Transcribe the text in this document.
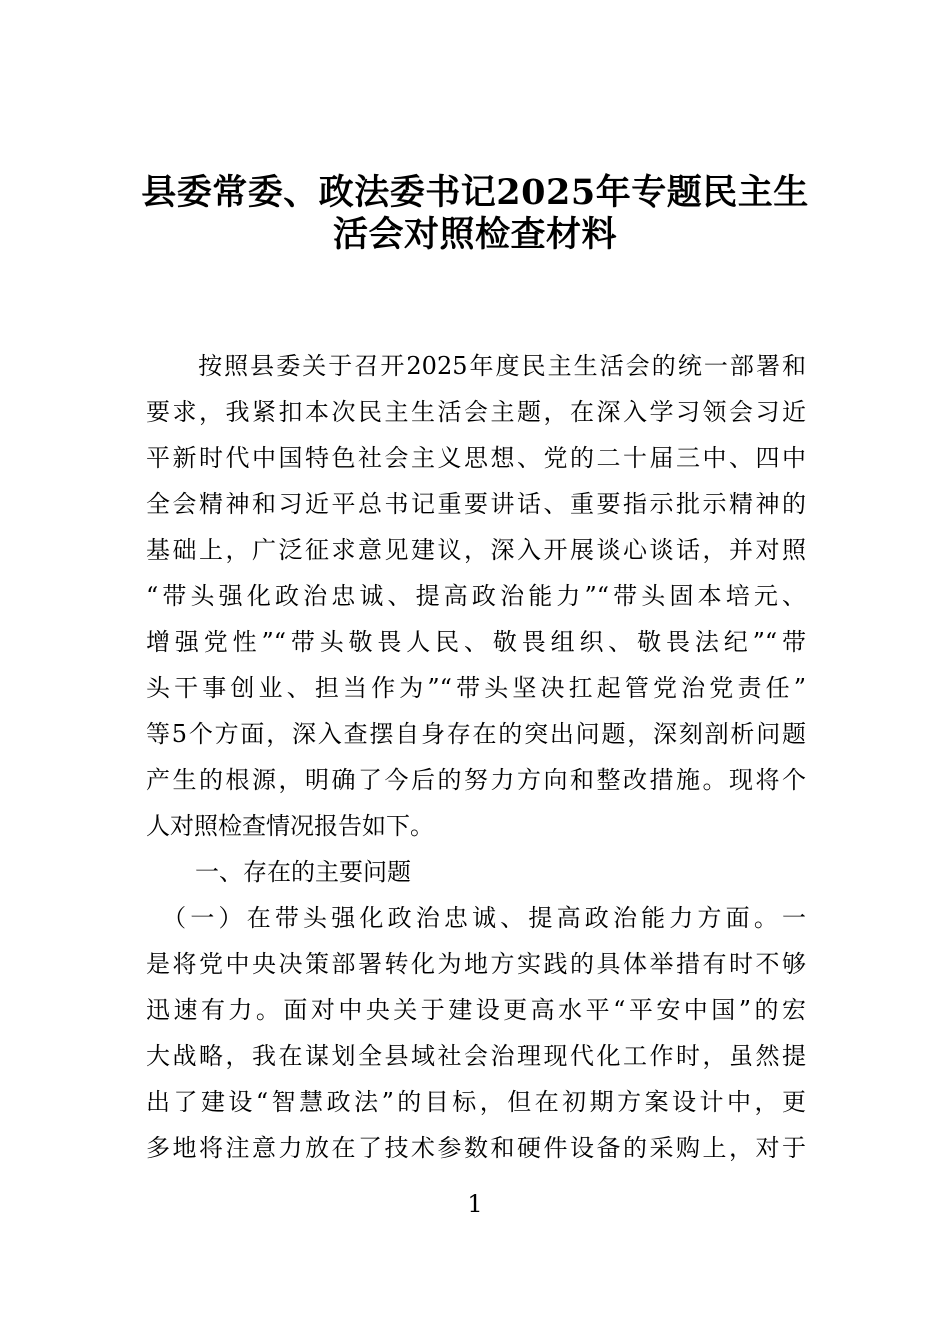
县委常委、政法委书记2025年专题民主生
活会对照检查材料
　　按照县委关于召开2025年度民主生活会的统一部署和
要求，我紧扣本次民主生活会主题，在深入学习领会习近
平新时代中国特色社会主义思想、党的二十届三中、四中
全会精神和习近平总书记重要讲话、重要指示批示精神的
基础上，广泛征求意见建议，深入开展谈心谈话，并对照
“带头强化政治忠诚、提高政治能力”“带头固本培元、
增强党性”“带头敬畏人民、敬畏组织、敬畏法纪”“带
头干事创业、担当作为”“带头坚决扛起管党治党责任”
等5个方面，深入查摆自身存在的突出问题，深刻剖析问题
产生的根源，明确了今后的努力方向和整改措施。现将个
人对照检查情况报告如下。
一、存在的主要问题
　（一）在带头强化政治忠诚、提高政治能力方面。一
是将党中央决策部署转化为地方实践的具体举措有时不够
迅速有力。面对中央关于建设更高水平“平安中国”的宏
大战略，我在谋划全县域社会治理现代化工作时，虽然提
出了建设“智慧政法”的目标，但在初期方案设计中，更
多地将注意力放在了技术参数和硬件设备的采购上，对于
1
